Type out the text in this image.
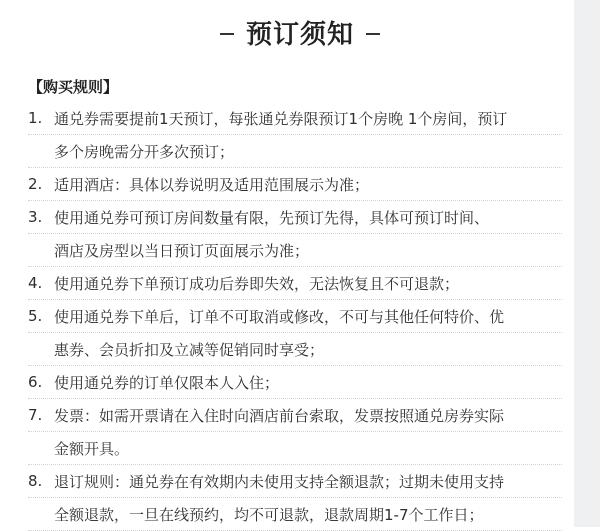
预订须知
【购买规则】
1. 通兑券需要提前1天预订，每张通兑券限预订1个房晚 1个房间，预订
多个房晚需分开多次预订；
2. 适用酒店：具体以券说明及适用范围展示为准；
3. 使用通兑券可预订房间数量有限，先预订先得，具体可预订时间、
酒店及房型以当日预订页面展示为准；
4. 使用通兑券下单预订成功后券即失效，无法恢复且不可退款；
5. 使用通兑券下单后，订单不可取消或修改，不可与其他任何特价、优
惠券、会员折扣及立减等促销同时享受；
6. 使用通兑券的订单仅限本人入住；
7. 发票：如需开票请在入住时向酒店前台索取，发票按照通兑房券实际
金额开具。
8. 退订规则：通兑券在有效期内未使用支持全额退款；过期未使用支持
全额退款，一旦在线预约，均不可退款，退款周期1-7个工作日；
